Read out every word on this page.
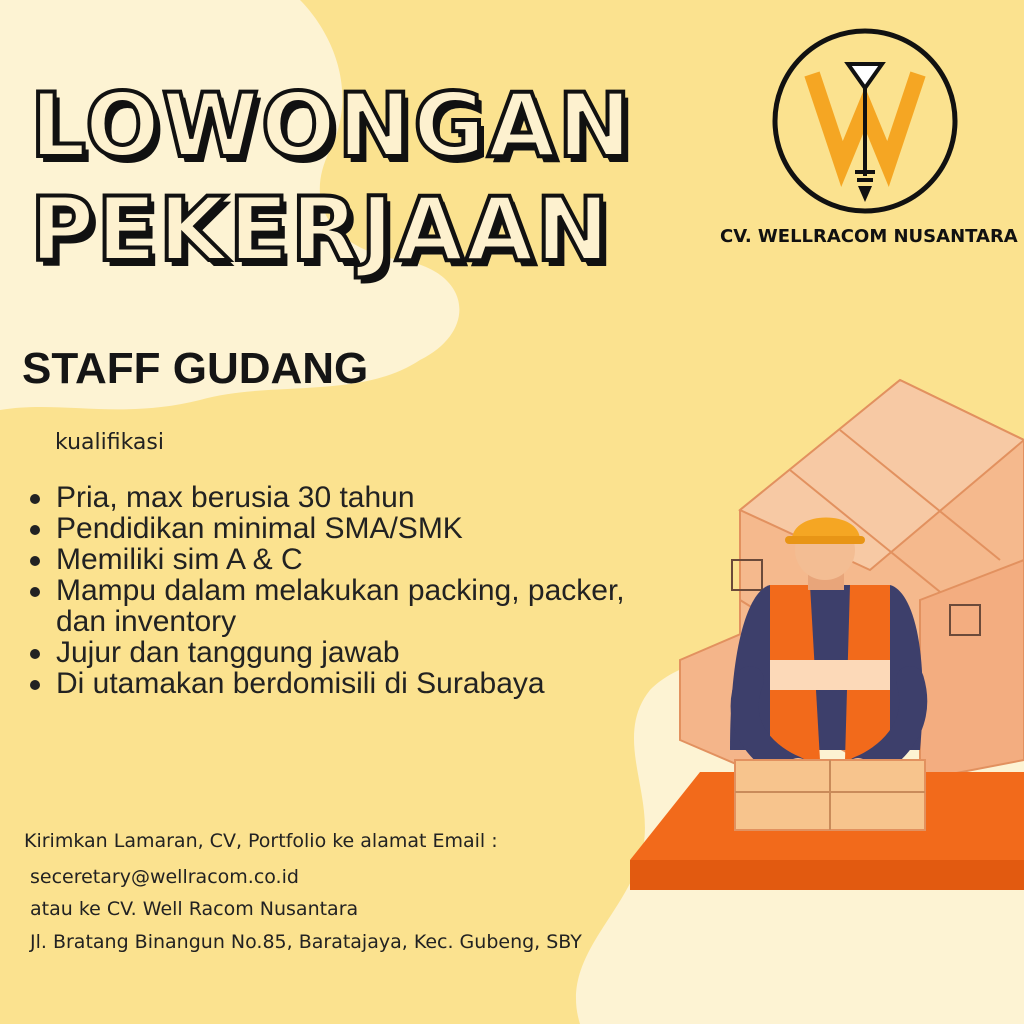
LOWONGAN
PEKERJAAN	CV. WELLRACOM NUSANTARA
STAFF GUDANG
kualifikasi
Pria, max berusia 30 tahun
Pendidikan minimal SMA/SMK
Memiliki sim A & C
Mampu dalam melakukan packing, packer, dan inventory
Jujur dan tanggung jawab
Di utamakan berdomisili di Surabaya
Kirimkan Lamaran, CV, Portfolio ke alamat Email :
seceretary@wellracom.co.id
atau ke CV. Well Racom Nusantara
Jl. Bratang Binangun No.85, Baratajaya, Kec. Gubeng, SBY
